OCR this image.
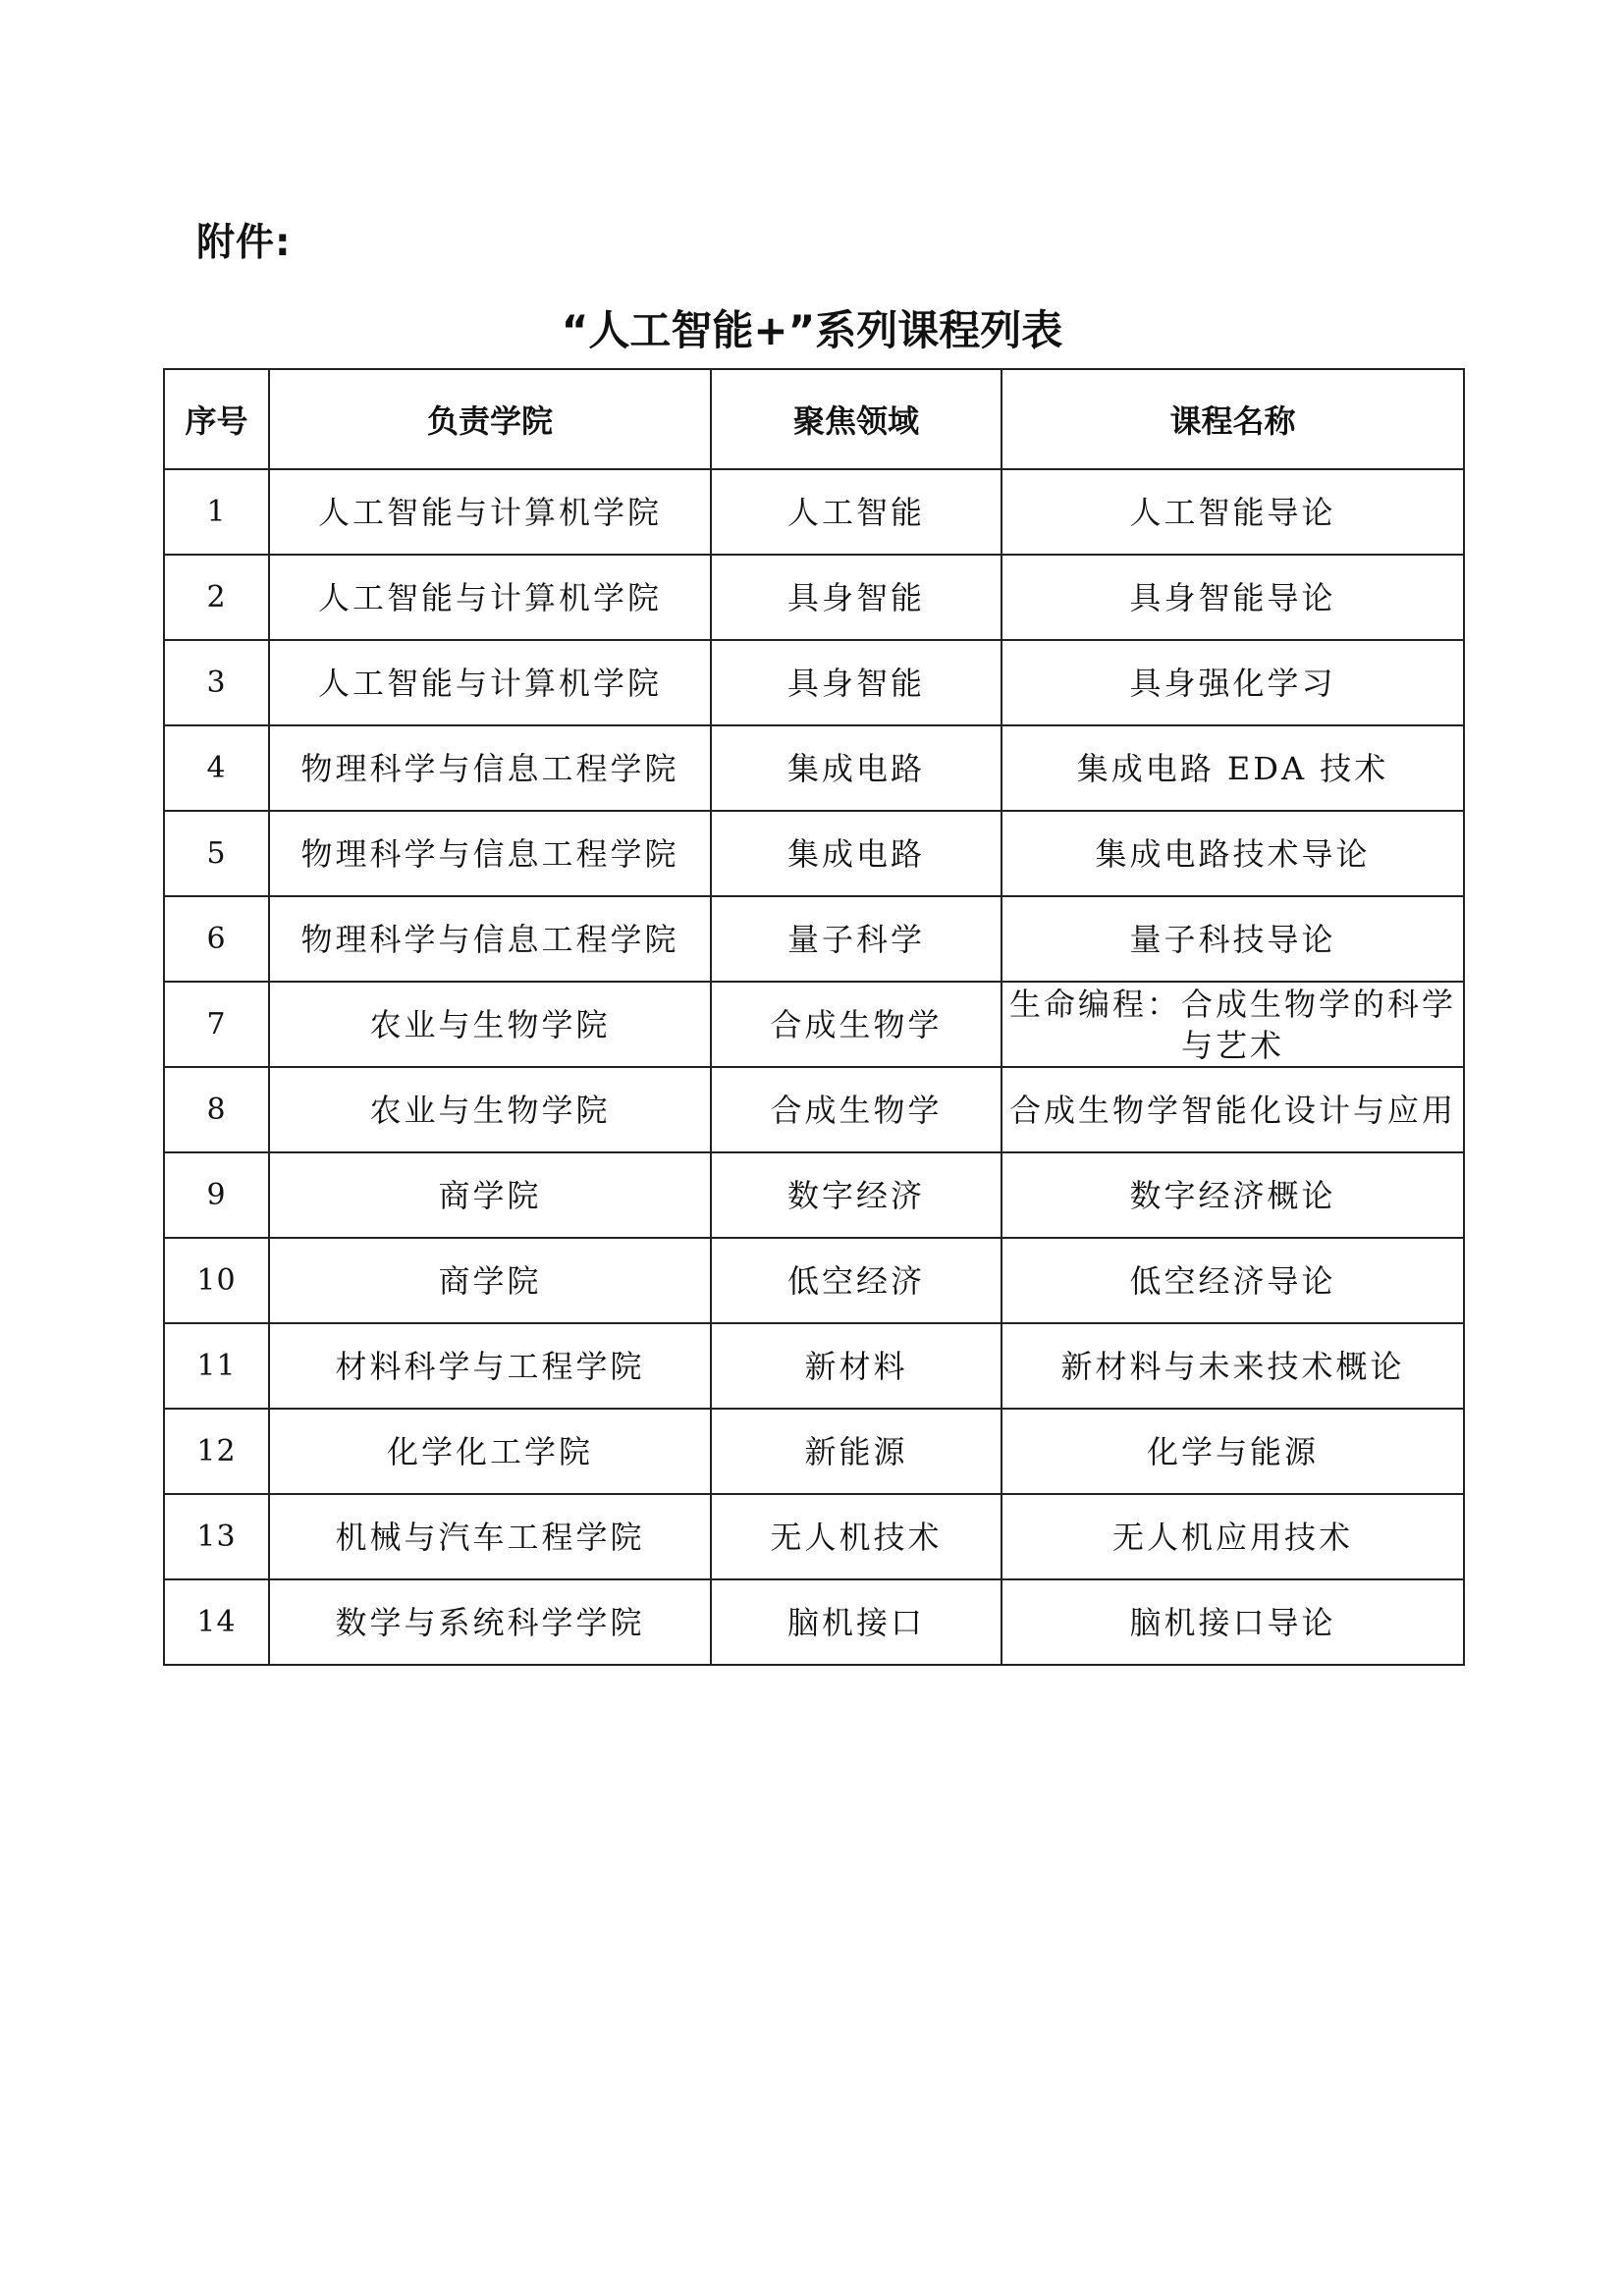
附件:
“人工智能+”系列课程列表
序号	负责学院	聚焦领域	课程名称
1	人工智能与计算机学院	人工智能	人工智能导论
2	人工智能与计算机学院	具身智能	具身智能导论
3	人工智能与计算机学院	具身智能	具身强化学习
4	物理科学与信息工程学院	集成电路	集成电路 EDA 技术
5	物理科学与信息工程学院	集成电路	集成电路技术导论
6	物理科学与信息工程学院	量子科学	量子科技导论
7	农业与生物学院	合成生物学	生命编程：合成生物学的科学与艺术
8	农业与生物学院	合成生物学	合成生物学智能化设计与应用
9	商学院	数字经济	数字经济概论
10	商学院	低空经济	低空经济导论
11	材料科学与工程学院	新材料	新材料与未来技术概论
12	化学化工学院	新能源	化学与能源
13	机械与汽车工程学院	无人机技术	无人机应用技术
14	数学与系统科学学院	脑机接口	脑机接口导论
